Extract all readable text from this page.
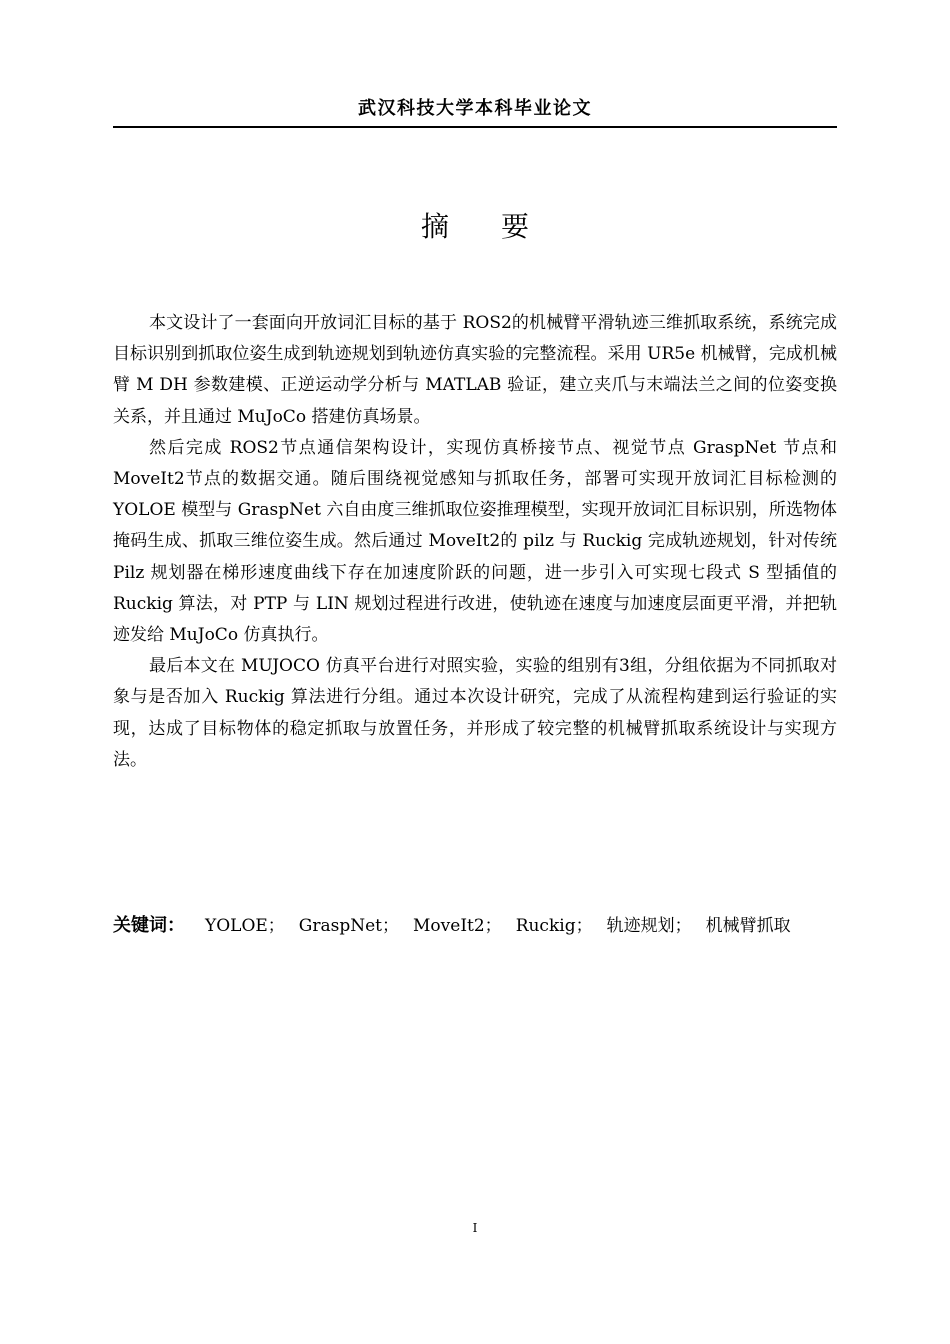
武汉科技大学本科毕业论文
摘要

本文设计了一套面向开放词汇目标的基于 ROS2的机械臂平滑轨迹三维抓取系统，系统完成目标识别到抓取位姿生成到轨迹规划到轨迹仿真实验的完整流程。采用 UR5e 机械臂，完成机械臂 M DH 参数建模、正逆运动学分析与 MATLAB 验证，建立夹爪与末端法兰之间的位姿变换关系，并且通过 MuJoCo 搭建仿真场景。

然后完成 ROS2节点通信架构设计，实现仿真桥接节点、视觉节点 GraspNet 节点和 MoveIt2节点的数据交通。随后围绕视觉感知与抓取任务，部署可实现开放词汇目标检测的 YOLOE 模型与 GraspNet 六自由度三维抓取位姿推理模型，实现开放词汇目标识别，所选物体掩码生成、抓取三维位姿生成。然后通过 MoveIt2的 pilz 与 Ruckig 完成轨迹规划，针对传统 Pilz 规划器在梯形速度曲线下存在加速度阶跃的问题，进一步引入可实现七段式 S 型插值的 Ruckig 算法，对 PTP 与 LIN 规划过程进行改进，使轨迹在速度与加速度层面更平滑，并把轨迹发给 MuJoCo 仿真执行。

最后本文在 MUJOCO 仿真平台进行对照实验，实验的组别有3组，分组依据为不同抓取对象与是否加入 Ruckig 算法进行分组。通过本次设计研究，完成了从流程构建到运行验证的实现，达成了目标物体的稳定抓取与放置任务，并形成了较完整的机械臂抓取系统设计与实现方法。

关键词： YOLOE； GraspNet； MoveIt2； Ruckig； 轨迹规划； 机械臂抓取
I
